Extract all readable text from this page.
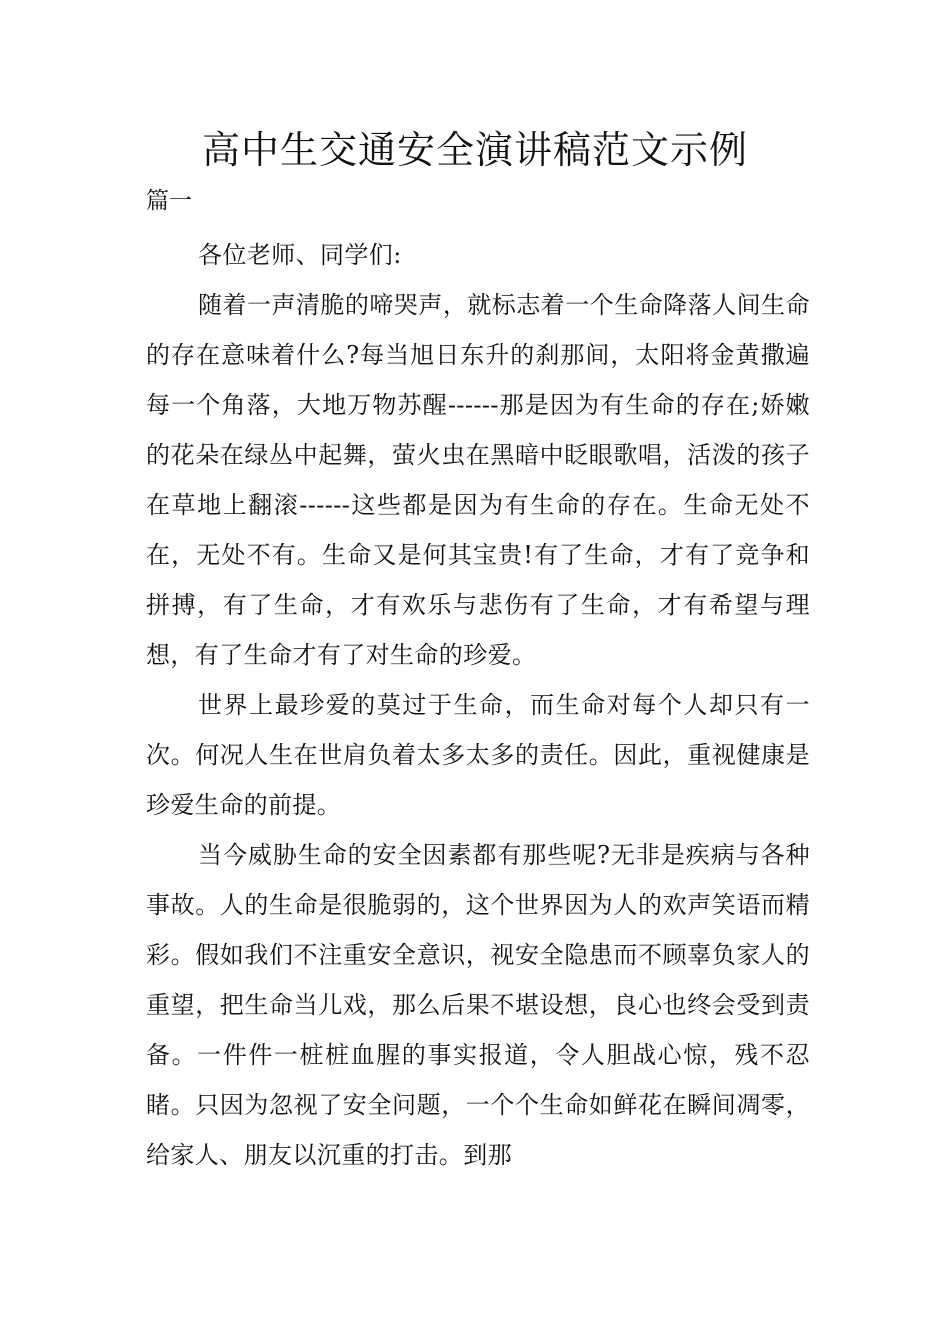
高中生交通安全演讲稿范文示例
篇一

各位老师、同学们:

随着一声清脆的啼哭声，就标志着一个生命降落人间生命的存在意味着什么?每当旭日东升的刹那间，太阳将金黄撒遍每一个角落，大地万物苏醒------那是因为有生命的存在;娇嫩的花朵在绿丛中起舞，萤火虫在黑暗中眨眼歌唱，活泼的孩子在草地上翻滚------这些都是因为有生命的存在。生命无处不在，无处不有。生命又是何其宝贵!有了生命，才有了竞争和拼搏，有了生命，才有欢乐与悲伤有了生命，才有希望与理想，有了生命才有了对生命的珍爱。

世界上最珍爱的莫过于生命，而生命对每个人却只有一次。何况人生在世肩负着太多太多的责任。因此，重视健康是珍爱生命的前提。

当今威胁生命的安全因素都有那些呢?无非是疾病与各种事故。人的生命是很脆弱的，这个世界因为人的欢声笑语而精彩。假如我们不注重安全意识，视安全隐患而不顾辜负家人的重望，把生命当儿戏，那么后果不堪设想，良心也终会受到责备。一件件一桩桩血腥的事实报道，令人胆战心惊，残不忍睹。只因为忽视了安全问题，一个个生命如鲜花在瞬间凋零，给家人、朋友以沉重的打击。到那
